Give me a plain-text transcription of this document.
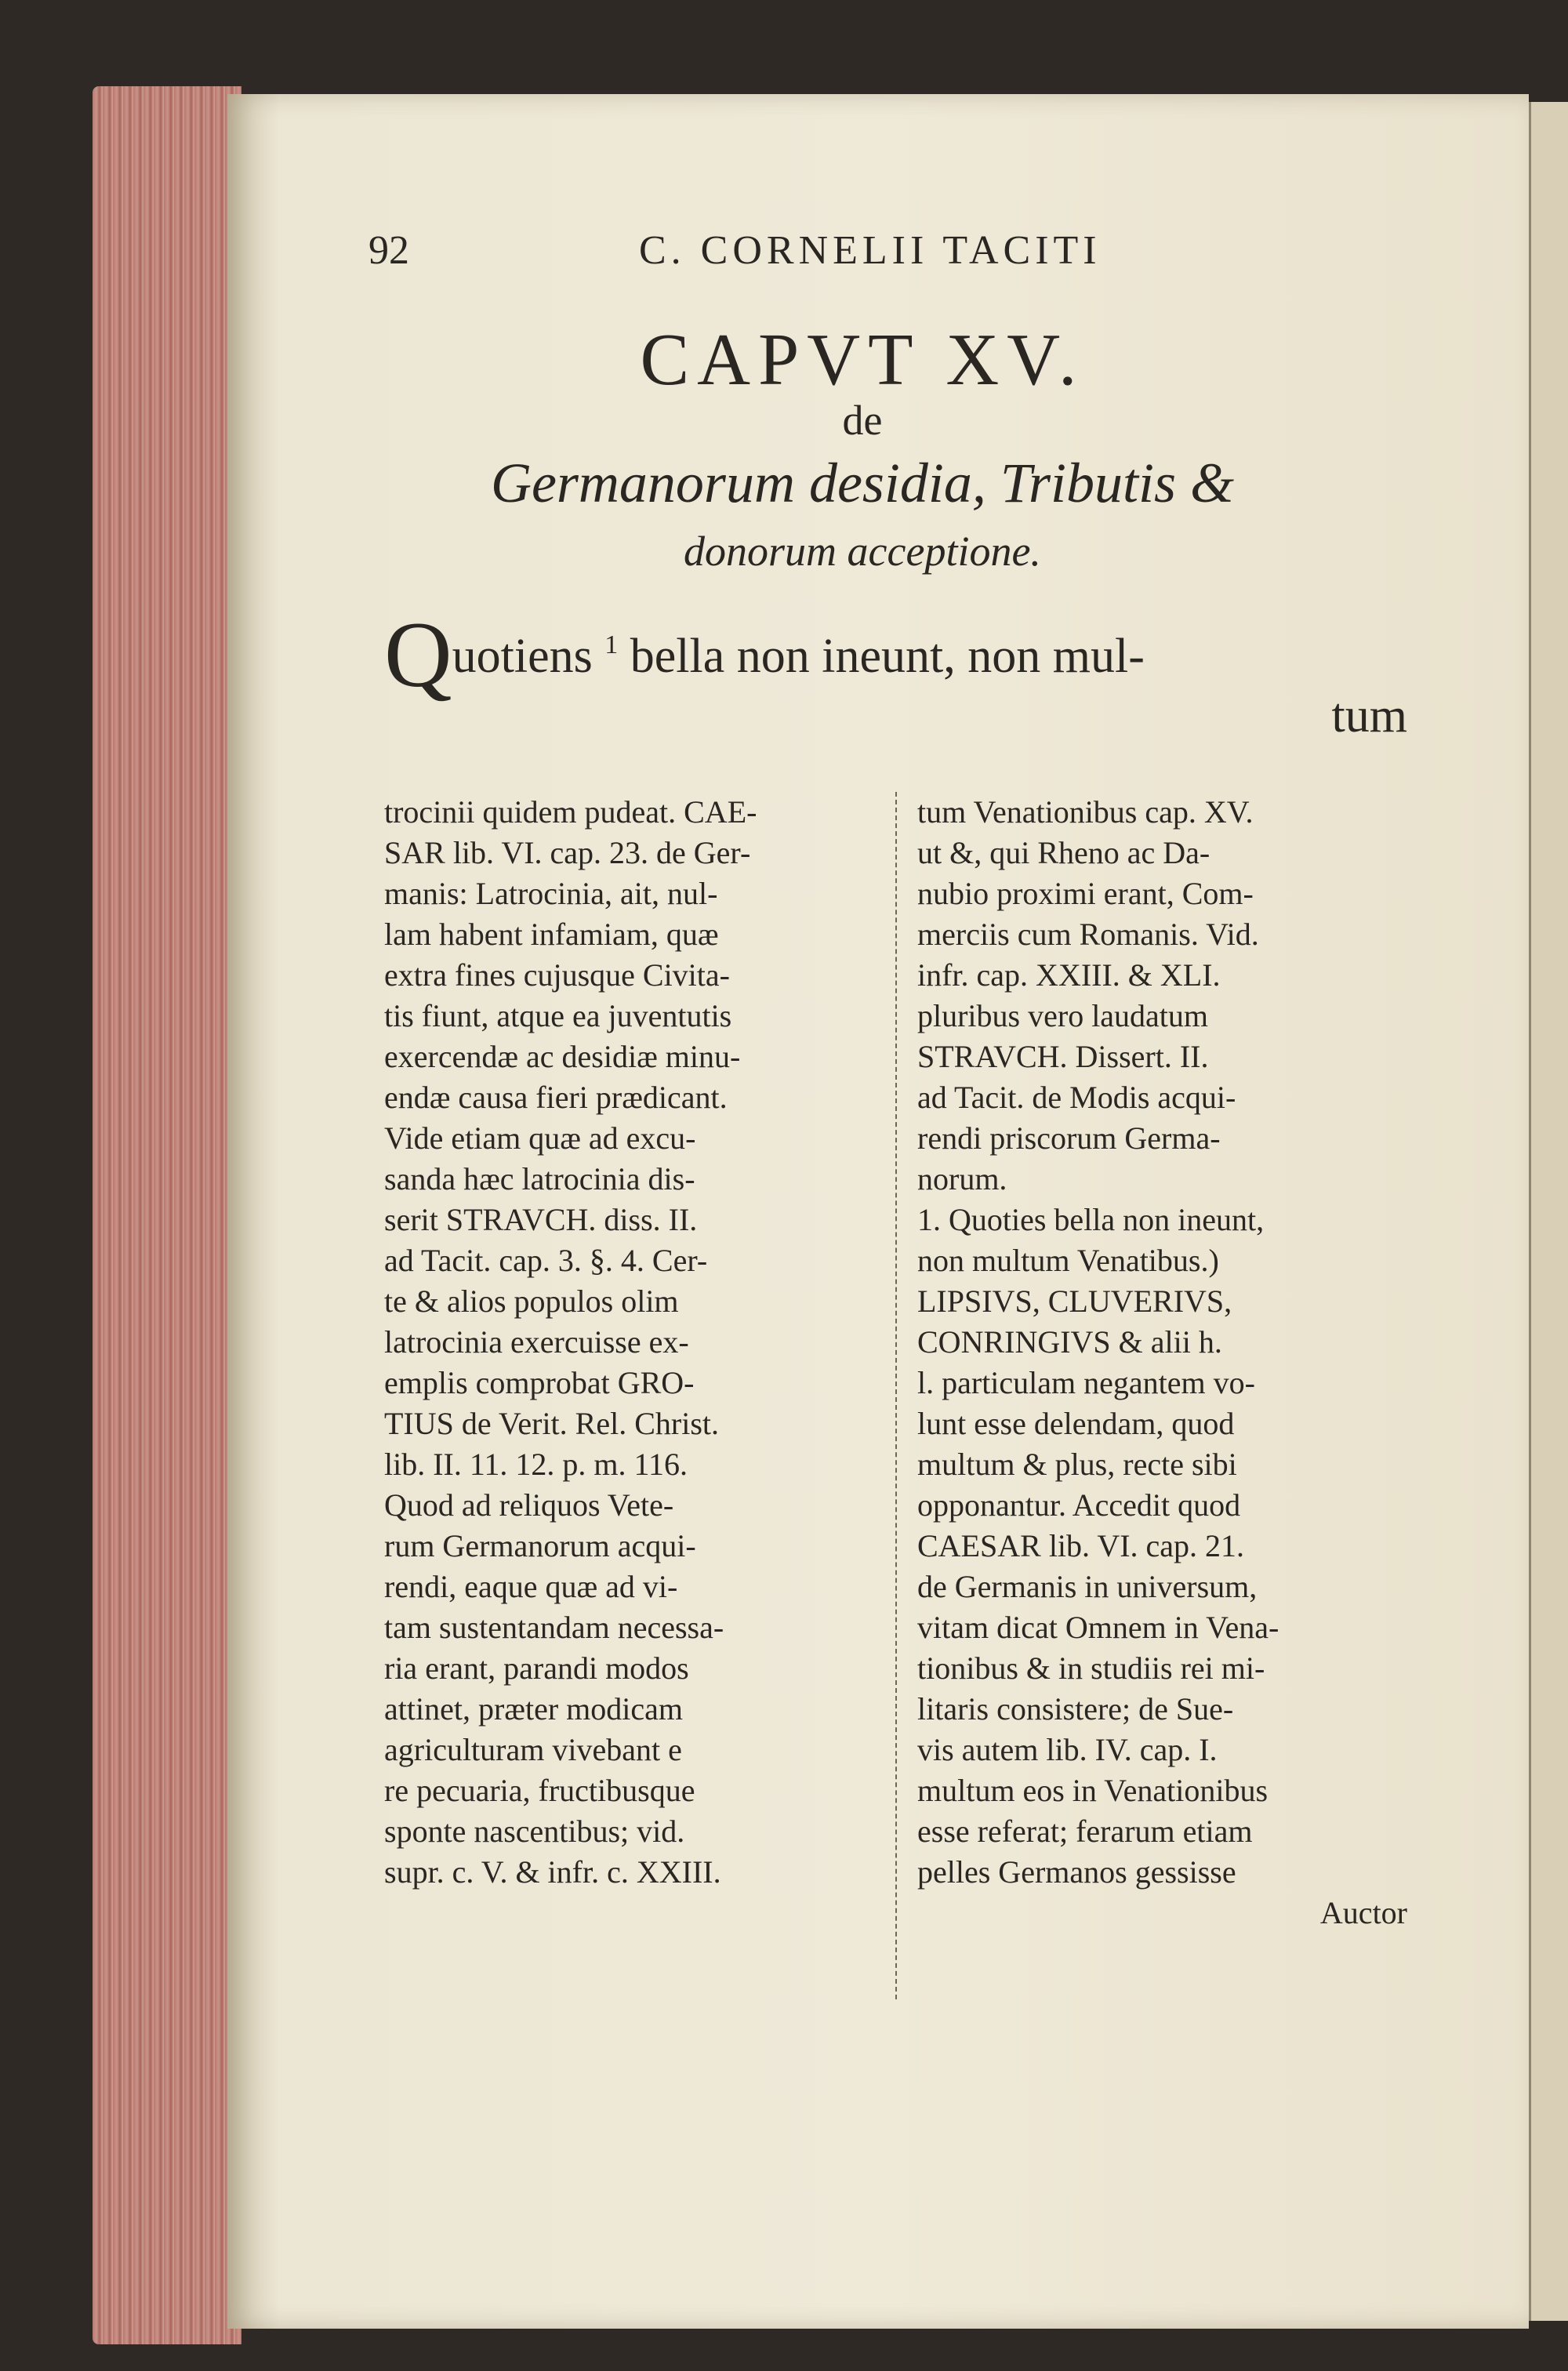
92	C. CORNELII TACITI
CAPVT XV.
de
Germanorum desidia, Tributis &
donorum acceptione.
Quotiens $^1$ bella non ineunt, non mul-
tum
trocinii quidem pudeat. CAE-
SAR lib. VI. cap. 23. de Ger-
manis: Latrocinia, ait, nul-
lam habent infamiam, quæ
extra fines cujusque Civita-
tis fiunt, atque ea juventutis
exercendæ ac desidiæ minu-
endæ causa fieri prædicant.
Vide etiam quæ ad excu-
sanda hæc latrocinia dis-
serit STRAVCH. diss. II.
ad Tacit. cap. 3. §. 4. Cer-
te & alios populos olim
latrocinia exercuisse ex-
emplis comprobat GRO-
TIUS de Verit. Rel. Christ.
lib. II. 11. 12. p. m. 116.
Quod ad reliquos Vete-
rum Germanorum acqui-
rendi, eaque quæ ad vi-
tam sustentandam necessa-
ria erant, parandi modos
attinet, præter modicam
agriculturam vivebant e
re pecuaria, fructibusque
sponte nascentibus; vid.
supr. c. V. & infr. c. XXIII.
tum Venationibus cap. XV.
ut &, qui Rheno ac Da-
nubio proximi erant, Com-
merciis cum Romanis. Vid.
infr. cap. XXIII. & XLI.
pluribus vero laudatum
STRAVCH. Dissert. II.
ad Tacit. de Modis acqui-
rendi priscorum Germa-
norum.
1. Quoties bella non ineunt,
non multum Venatibus.)
LIPSIVS, CLUVERIVS,
CONRINGIVS & alii h.
l. particulam negantem vo-
lunt esse delendam, quod
multum & plus, recte sibi
opponantur. Accedit quod
CAESAR lib. VI. cap. 21.
de Germanis in universum,
vitam dicat Omnem in Vena-
tionibus & in studiis rei mi-
litaris consistere; de Sue-
vis autem lib. IV. cap. I.
multum eos in Venationibus
esse referat; ferarum etiam
pelles Germanos gessisse
Auctor
